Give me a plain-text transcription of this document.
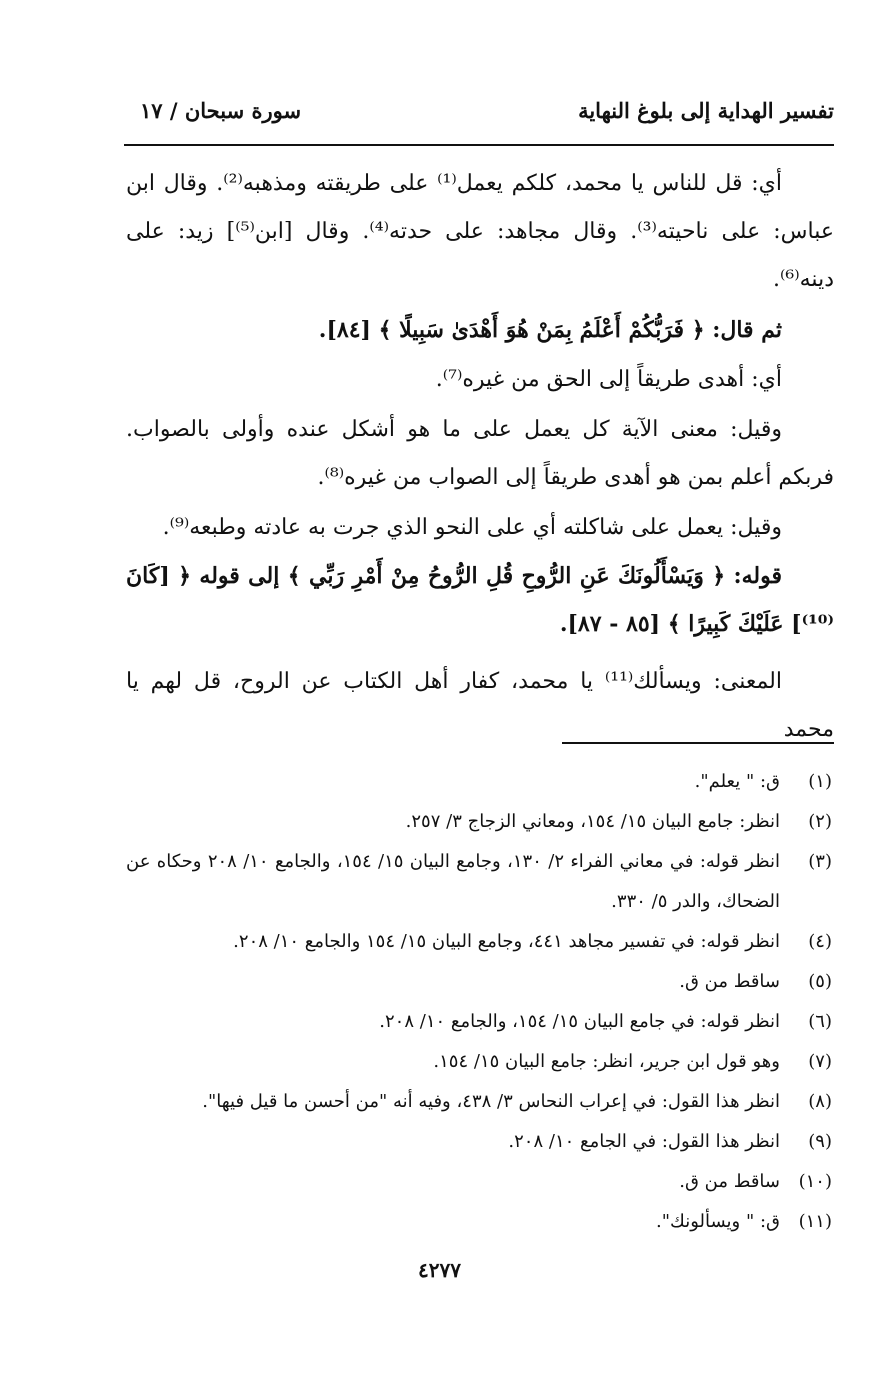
تفسير الهداية إلى بلوغ النهاية
سورة سبحان / ١٧

أي: قل للناس يا محمد، كلكم يعمل⁽¹⁾ على طريقته ومذهبه⁽²⁾. وقال ابن عباس: على ناحيته⁽³⁾. وقال مجاهد: على حدته⁽⁴⁾. وقال [ابن⁽⁵⁾] زيد: على دينه⁽⁶⁾.

ثم قال: ﴿ فَرَبُّكُمْ أَعْلَمُ بِمَنْ هُوَ أَهْدَىٰ سَبِيلًا ﴾ [٨٤].

أي: أهدى طريقاً إلى الحق من غيره⁽⁷⁾.

وقيل: معنى الآية كل يعمل على ما هو أشكل عنده وأولى بالصواب. فربكم أعلم بمن هو أهدى طريقاً إلى الصواب من غيره⁽⁸⁾.

وقيل: يعمل على شاكلته أي على النحو الذي جرت به عادته وطبعه⁽⁹⁾.

قوله: ﴿ وَيَسْأَلُونَكَ عَنِ الرُّوحِ قُلِ الرُّوحُ مِنْ أَمْرِ رَبِّي ﴾ إلى قوله ﴿ [كَانَ ⁽¹⁰⁾] عَلَيْكَ كَبِيرًا ﴾ [٨٥ - ٨٧].

المعنى: ويسألك⁽¹¹⁾ يا محمد، كفار أهل الكتاب عن الروح، قل لهم يا محمد

(١)
ق: " يعلم".
(٢)
انظر: جامع البيان ١٥/ ١٥٤، ومعاني الزجاج ٣/ ٢٥٧.
(٣)
انظر قوله: في معاني الفراء ٢/ ١٣٠، وجامع البيان ١٥/ ١٥٤، والجامع ١٠/ ٢٠٨ وحكاه عن الضحاك، والدر ٥/ ٣٣٠.
(٤)
انظر قوله: في تفسير مجاهد ٤٤١، وجامع البيان ١٥/ ١٥٤ والجامع ١٠/ ٢٠٨.
(٥)
ساقط من ق.
(٦)
انظر قوله: في جامع البيان ١٥/ ١٥٤، والجامع ١٠/ ٢٠٨.
(٧)
وهو قول ابن جرير، انظر: جامع البيان ١٥/ ١٥٤.
(٨)
انظر هذا القول: في إعراب النحاس ٣/ ٤٣٨، وفيه أنه "من أحسن ما قيل فيها".
(٩)
انظر هذا القول: في الجامع ١٠/ ٢٠٨.
(١٠)
ساقط من ق.
(١١)
ق: " ويسألونك".
٤٢٧٧
